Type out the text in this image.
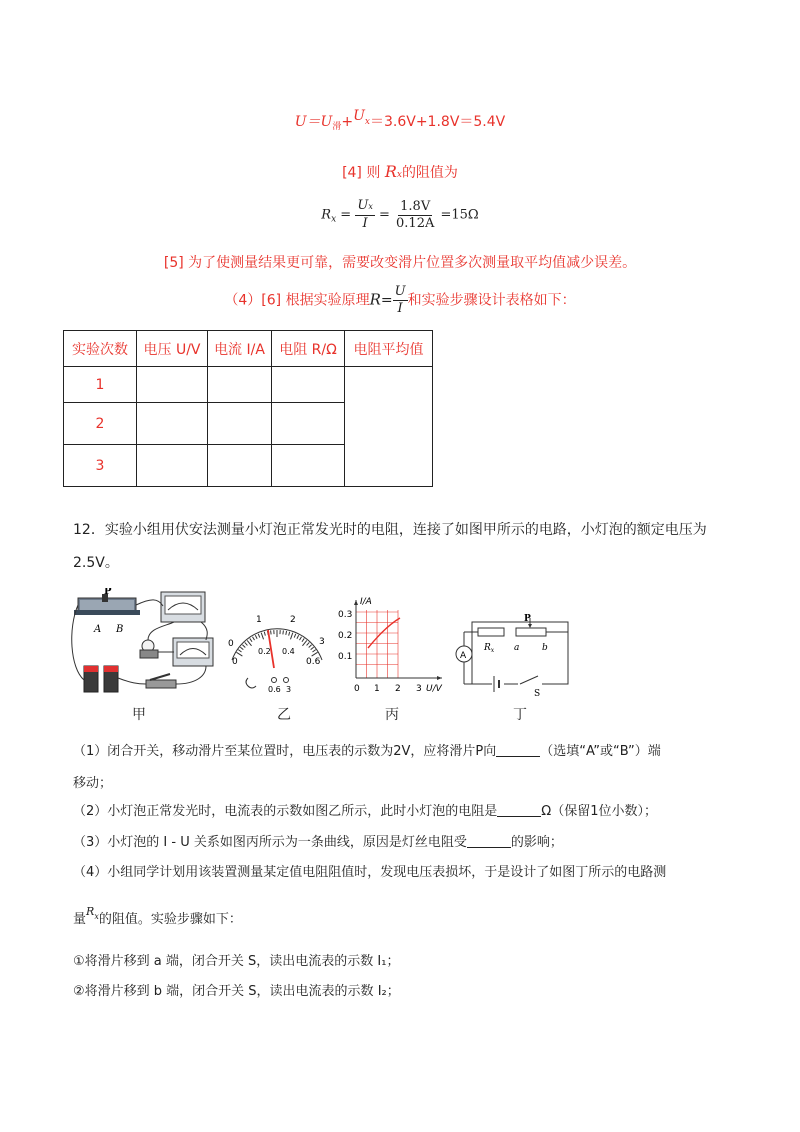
$U=U_滑+Ux=3.6V+1.8V=5.4V$
[4] 则 Rx的阻值为
$R_x = \frac{Ux}{I} = \frac{1.8V}{0.12A} =15\Omega$
[5] 为了使测量结果更可靠，需要改变滑片位置多次测量取平均值减少误差。
（4）[6] 根据实验原理$R= \frac{U}{I}$ 和实验步骤设计表格如下：
实验次数	电压 U/V	电流 I/A	电阻 R/Ω	电阻平均值
1				
2				
3				
12．实验小组用伏安法测量小灯泡正常发光时的电阻，连接了如图甲所示的电路，小灯泡的额定电压为
2.5V。
P
A B
1	2
0	3
0	0.6
0.2 0.4
0.6 3
I/A
U/V
0.3
0.2
0.1
0 1 2 3
P
$R_x$ a	b
A
S
甲	乙	丙	丁
（1）闭合开关，移动滑片至某位置时，电压表的示数为2V，应将滑片P向	（选填“A”或“B”）端
移动；
（2）小灯泡正常发光时，电流表的示数如图乙所示，此时小灯泡的电阻是	Ω（保留1位小数）；
（3）小灯泡的 I - U 关系如图丙所示为一条曲线，原因是灯丝电阻受	的影响；
（4）小组同学计划用该装置测量某定值电阻阻值时，发现电压表损坏，于是设计了如图丁所示的电路测
量$^{Rx}$的阻值。实验步骤如下：
①将滑片移到 a 端，闭合开关 S，读出电流表的示数 I₁；
②将滑片移到 b 端，闭合开关 S，读出电流表的示数 I₂；
